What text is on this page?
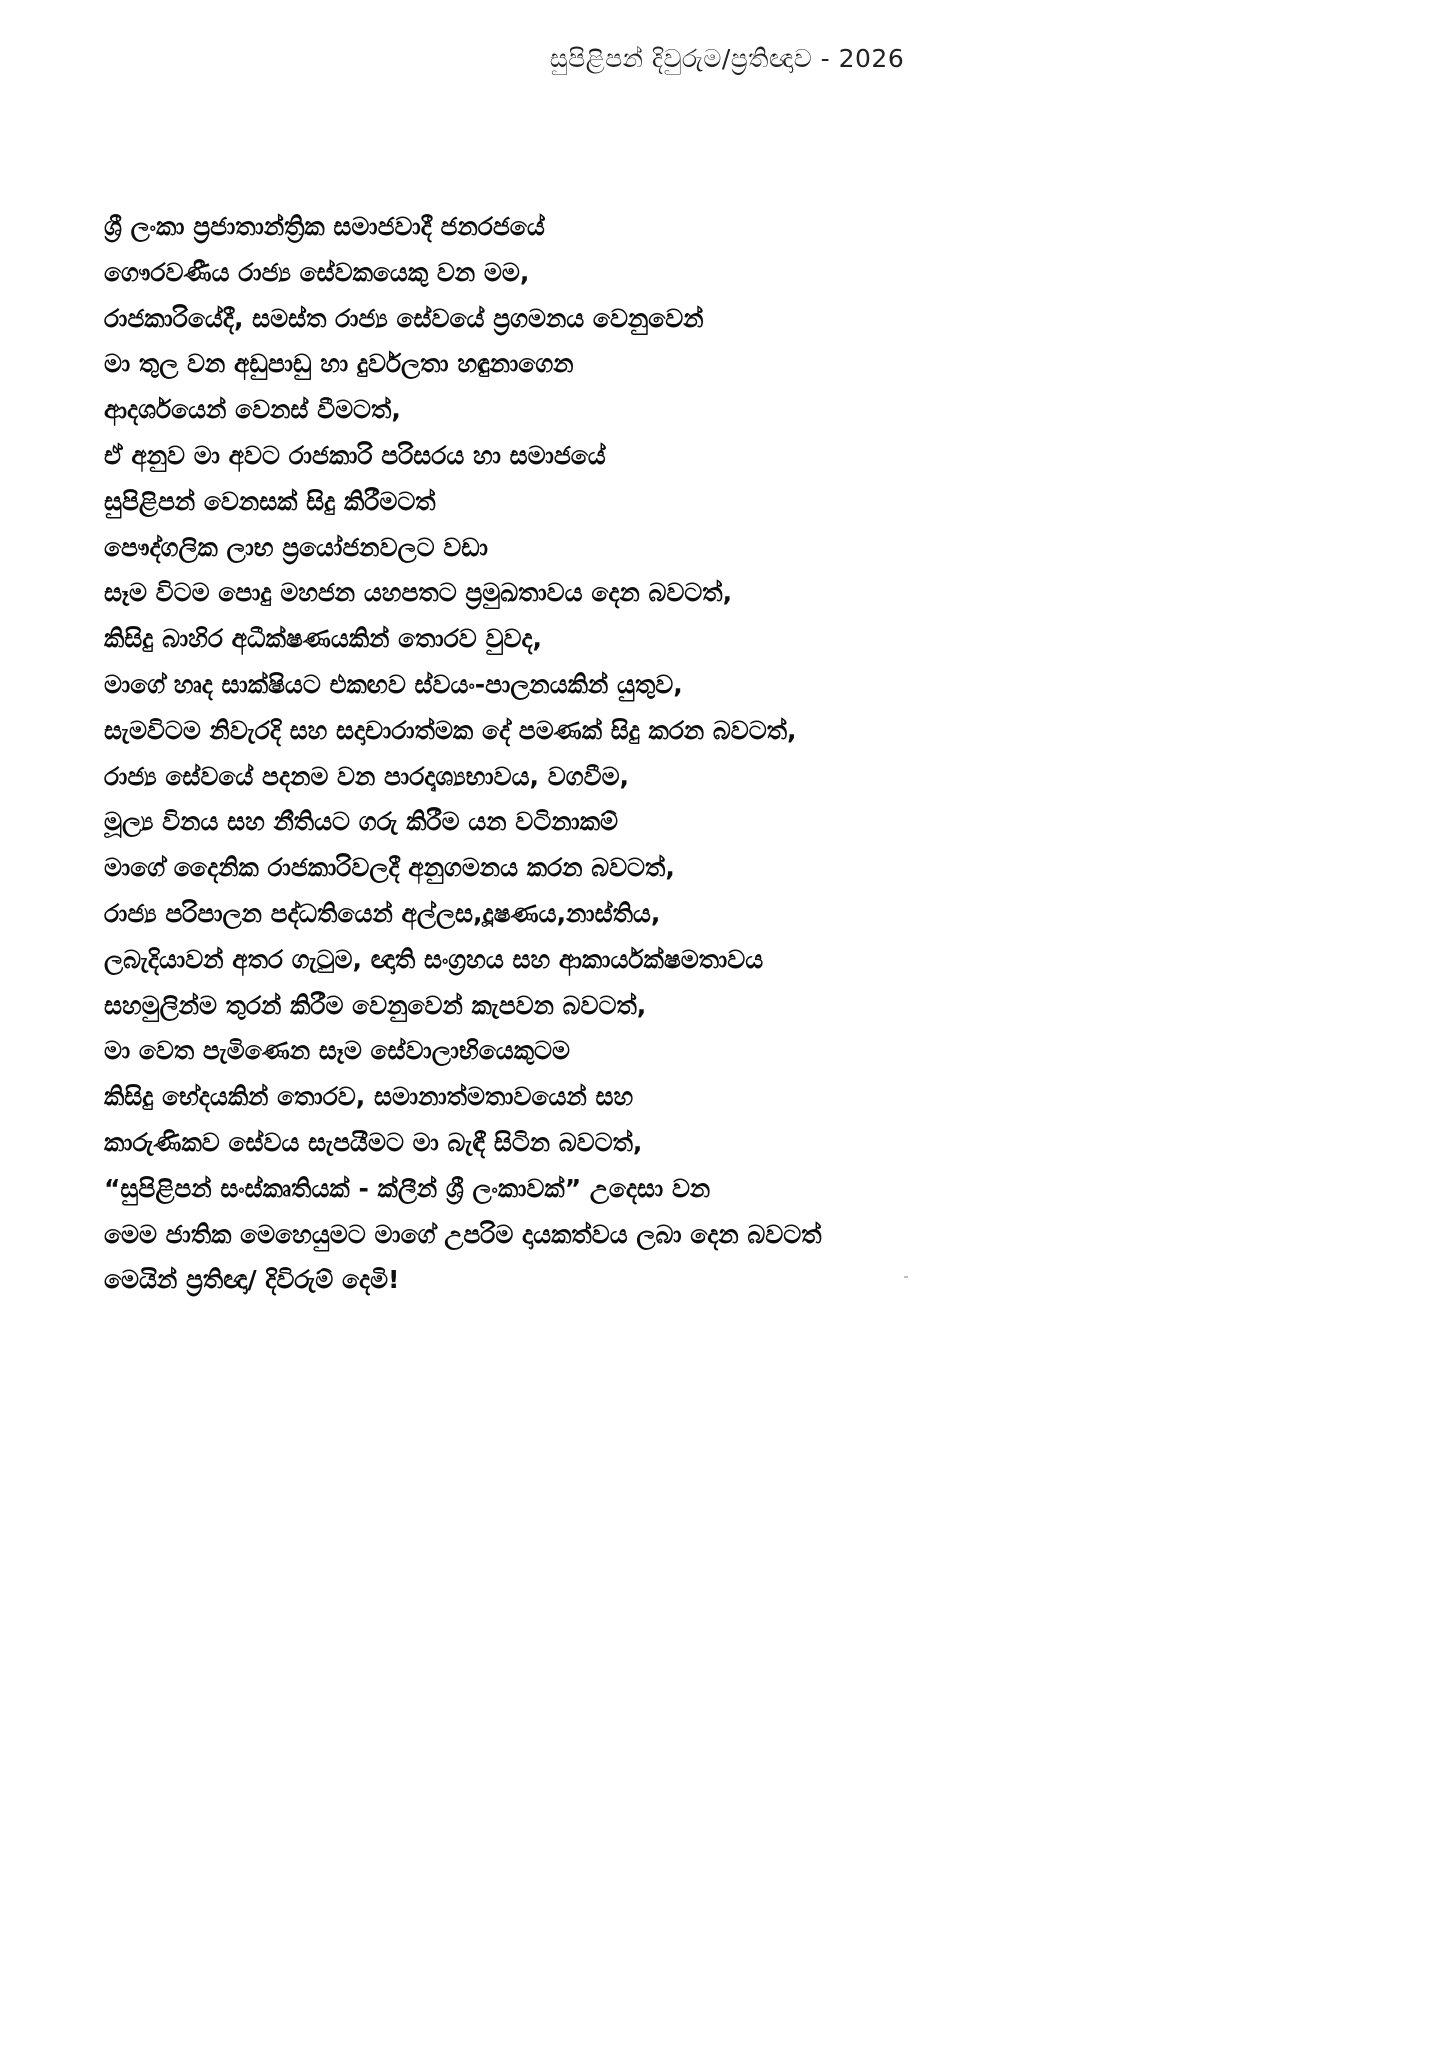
සුපිළිපන් දිවුරුම/ප්‍රතිඥාව - 2026
ශ්‍රී ලංකා ප්‍රජාතාන්ත්‍රික සමාජවාදී ජනරජයේ
ගෞරවණීය රාජ්‍ය සේවකයෙකු වන මම,
රාජකාරියේදී, සමස්ත රාජ්‍ය සේවයේ ප්‍රගමනය වෙනුවෙන්
මා තුල වන අඩුපාඩු හා දුර්වලතා හඳුනාගෙන
ආදර්ශයෙන් වෙනස් වීමටත්,
ඒ අනුව මා අවට රාජකාරි පරිසරය හා සමාජයේ
සුපිළිපන් වෙනසක් සිදු කිරීමටත්
පෞද්ගලික ලාභ ප්‍රයෝජනවලට වඩා
සෑම විටම පොදු මහජන යහපතට ප්‍රමුඛතාවය දෙන බවටත්,
කිසිදු බාහිර අධීක්ෂණයකින් තොරව වුවද,
මාගේ හෘද සාක්ෂියට එකඟව ස්වයං-පාලනයකින් යුතුව,
සැමවිටම නිවැරදි සහ සදාචාරාත්මක දේ පමණක් සිදු කරන බවටත්,
රාජ්‍ය සේවයේ පදනම වන පාරදෘශ්‍යභාවය, වගවීම,
මූල්‍ය විනය සහ නීතියට ගරු කිරීම යන වටිනාකම්
මාගේ දෛනික රාජකාරිවලදී අනුගමනය කරන බවටත්,
රාජ්‍ය පරිපාලන පද්ධතියෙන් අල්ලස,දූෂණය,නාස්තිය,
ලබැදියාවන් අතර ගැටුම, ඥාති සංග්‍රහය සහ ආකාර්යක්ෂමතාවය
සහමුලින්ම තුරන් කිරීම වෙනුවෙන් කැපවන බවටත්,
මා වෙත පැමිණෙන සෑම සේවාලාභියෙකුටම
කිසිදු භේදයකින් තොරව, සමානාත්මතාවයෙන් සහ
කාරුණිකව සේවය සැපයීමට මා බැඳී සිටින බවටත්,
“සුපිළිපන් සංස්කෘතියක් - ක්ලීන් ශ්‍රී ලංකාවක්” උදෙසා වන
මෙම ජාතික මෙහෙයුමට මාගේ උපරිම දායකත්වය ලබා දෙන බවටත්
මෙයින් ප්‍රතිඥා/ දිවිරුම් දෙමි!
